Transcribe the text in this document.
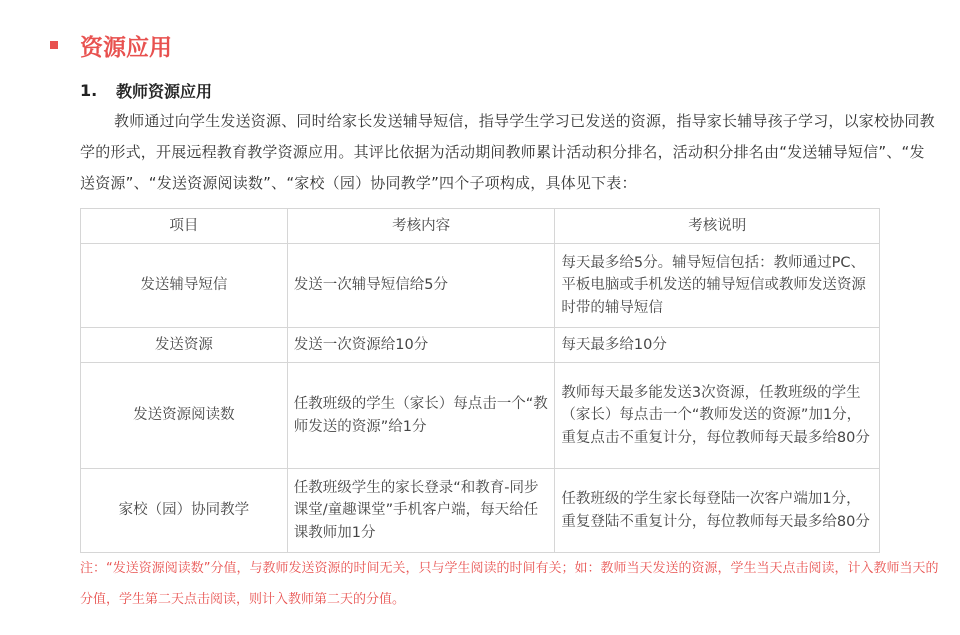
资源应用
1.	教师资源应用
教师通过向学生发送资源、同时给家长发送辅导短信，指导学生学习已发送的资源，指导家长辅导孩子学习，以家校协同教学的形式，开展远程教育教学资源应用。其评比依据为活动期间教师累计活动积分排名，活动积分排名由“发送辅导短信”、“发送资源”、“发送资源阅读数”、“家校（园）协同教学”四个子项构成，具体见下表：
项目	考核内容	考核说明
发送辅导短信	发送一次辅导短信给5分	每天最多给5分。辅导短信包括：教师通过PC、平板电脑或手机发送的辅导短信或教师发送资源时带的辅导短信
发送资源	发送一次资源给10分	每天最多给10分
发送资源阅读数	任教班级的学生（家长）每点击一个“教师发送的资源”给1分	教师每天最多能发送3次资源，任教班级的学生（家长）每点击一个“教师发送的资源”加1分，重复点击不重复计分，每位教师每天最多给80分
家校（园）协同教学	任教班级学生的家长登录“和教育-同步课堂/童趣课堂”手机客户端，每天给任课教师加1分	任教班级的学生家长每登陆一次客户端加1分，重复登陆不重复计分，每位教师每天最多给80分
注：“发送资源阅读数”分值，与教师发送资源的时间无关，只与学生阅读的时间有关；如：教师当天发送的资源，学生当天点击阅读，计入教师当天的分值，学生第二天点击阅读，则计入教师第二天的分值。
